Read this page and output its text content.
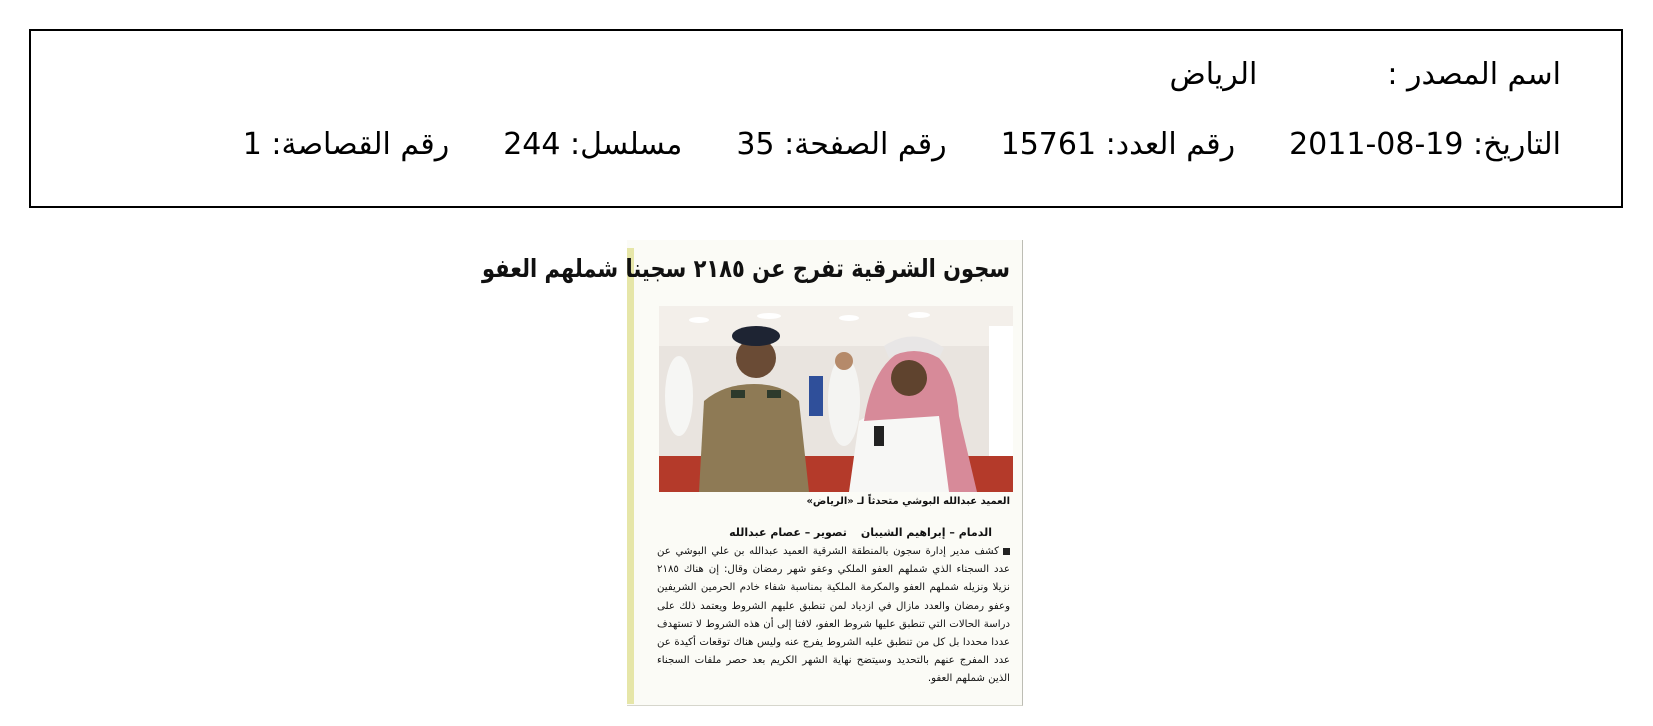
اسم المصدر :الرياض
التاريخ: 19-08-2011رقم العدد: 15761رقم الصفحة: 35مسلسل: 244رقم القصاصة: 1
سجون الشرقية تفرج عن ٢١٨٥ سجينا شملهم العفو
العميد عبدالله البوشي متحدثاً لـ «الرياض»
الدمام – إبراهيم الشيبانتصوير – عصام عبدالله
كشف مدير إدارة سجون بالمنطقة الشرقية العميد عبدالله بن علي البوشي عن عدد السجناء الذي شملهم العفو الملكي وعفو شهر رمضان وقال: إن هناك ٢١٨٥ نزيلا ونزيله شملهم العفو والمكرمة الملكية بمناسبة شفاء خادم الحرمين الشريفين وعفو رمضان والعدد مازال في ازدياد لمن تنطبق عليهم الشروط ويعتمد ذلك على دراسة الحالات التي تنطبق عليها شروط العفو، لافتا إلى أن هذه الشروط لا تستهدف عددا محددا بل كل من تنطبق عليه الشروط يفرج عنه وليس هناك توقعات أكيدة عن عدد المفرج عنهم بالتحديد وسيتضح نهاية الشهر الكريم بعد حصر ملفات السجناء الذين شملهم العفو.
